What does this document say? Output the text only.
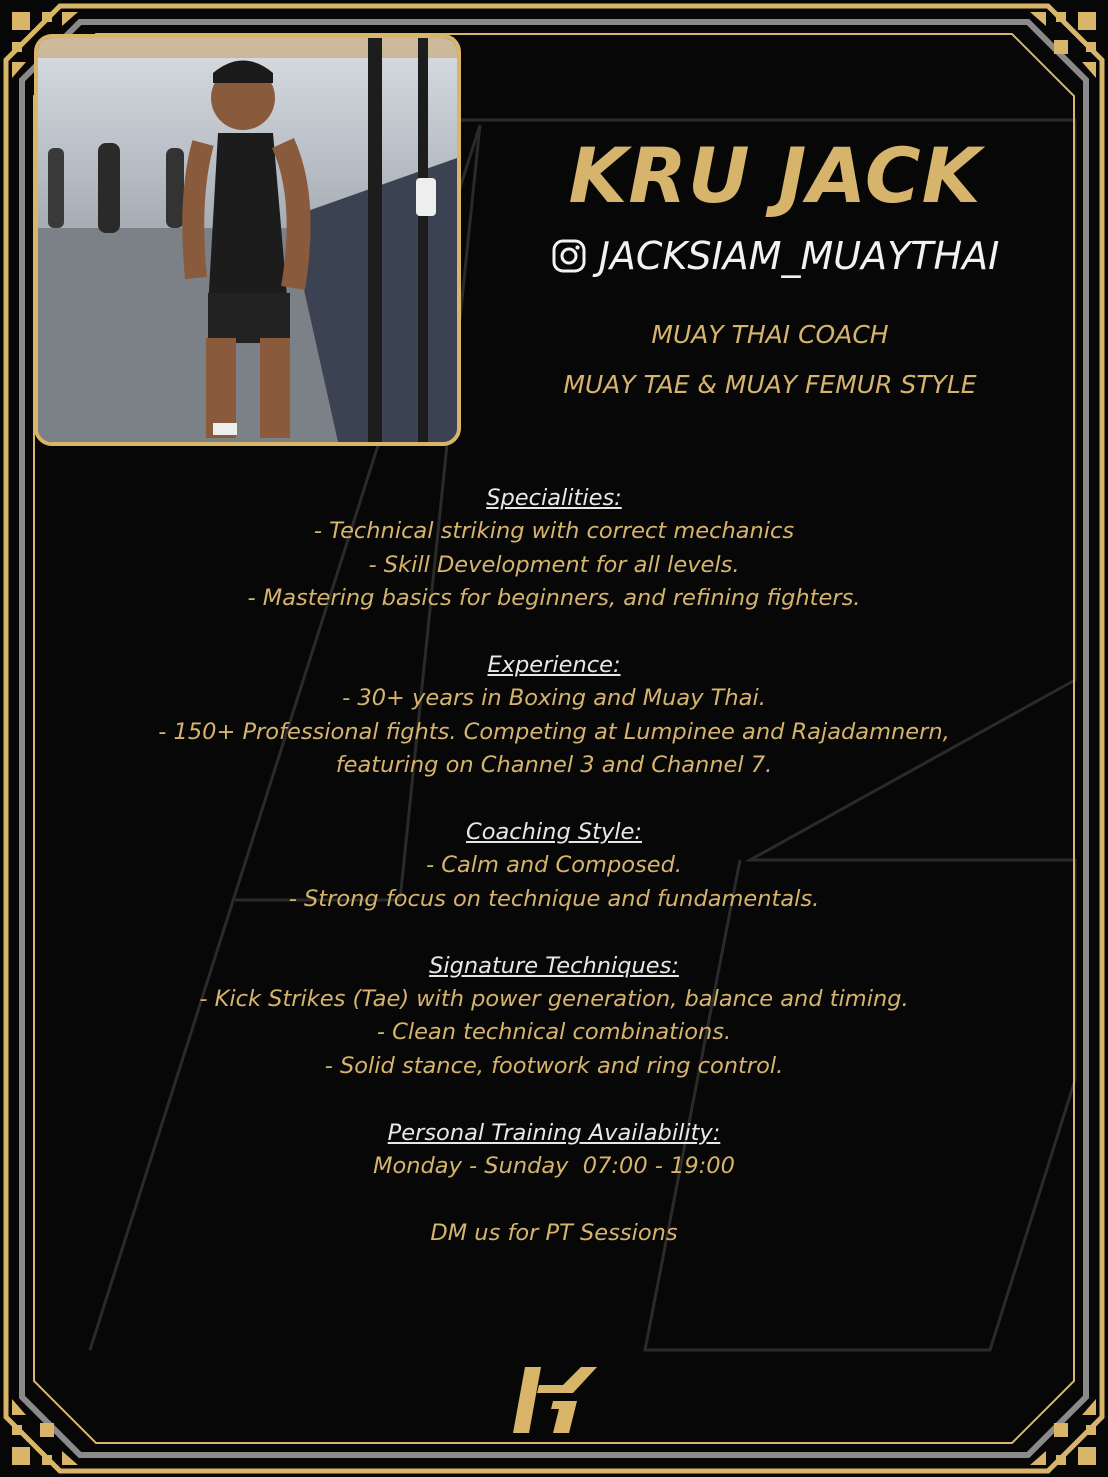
KRU JACK
JACKSIAM_MUAYTHAI
MUAY THAI COACH
MUAY TAE & MUAY FEMUR STYLE
Specialities:
- Technical striking with correct mechanics
- Skill Development for all levels.
- Mastering basics for beginners, and refining fighters.
Experience:
- 30+ years in Boxing and Muay Thai.
- 150+ Professional fights. Competing at Lumpinee and Rajadamnern,
featuring on Channel 3 and Channel 7.
Coaching Style:
- Calm and Composed.
- Strong focus on technique and fundamentals.
Signature Techniques:
- Kick Strikes (Tae) with power generation, balance and timing.
- Clean technical combinations.
- Solid stance, footwork and ring control.
Personal Training Availability:
Monday - Sunday  07:00 - 19:00
DM us for PT Sessions
